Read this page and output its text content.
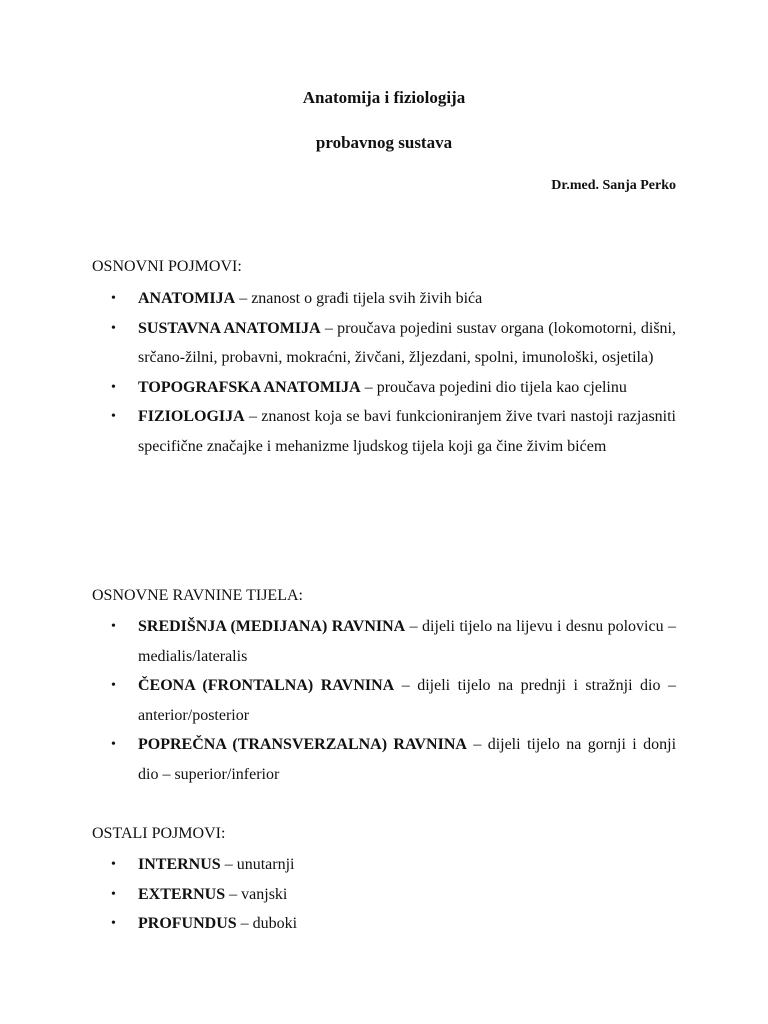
Anatomija i fiziologija
probavnog sustava
Dr.med. Sanja Perko
OSNOVNI POJMOVI:
• ANATOMIJA – znanost o građi tijela svih živih bića
• SUSTAVNA ANATOMIJA – proučava pojedini sustav organa (lokomotorni, dišni, srčano-žilni, probavni, mokraćni, živčani, žljezdani, spolni, imunološki, osjetila)
• TOPOGRAFSKA ANATOMIJA – proučava pojedini dio tijela kao cjelinu
• FIZIOLOGIJA – znanost koja se bavi funkcioniranjem žive tvari nastoji razjasniti specifične značajke i mehanizme ljudskog tijela koji ga čine živim bićem
OSNOVNE RAVNINE TIJELA:
• SREDIŠNJA (MEDIJANA) RAVNINA – dijeli tijelo na lijevu i desnu polovicu – medialis/lateralis
• ČEONA (FRONTALNA) RAVNINA – dijeli tijelo na prednji i stražnji dio – anterior/posterior
• POPREČNA (TRANSVERZALNA) RAVNINA – dijeli tijelo na gornji i donji dio – superior/inferior
OSTALI POJMOVI:
• INTERNUS – unutarnji
• EXTERNUS – vanjski
• PROFUNDUS – duboki
